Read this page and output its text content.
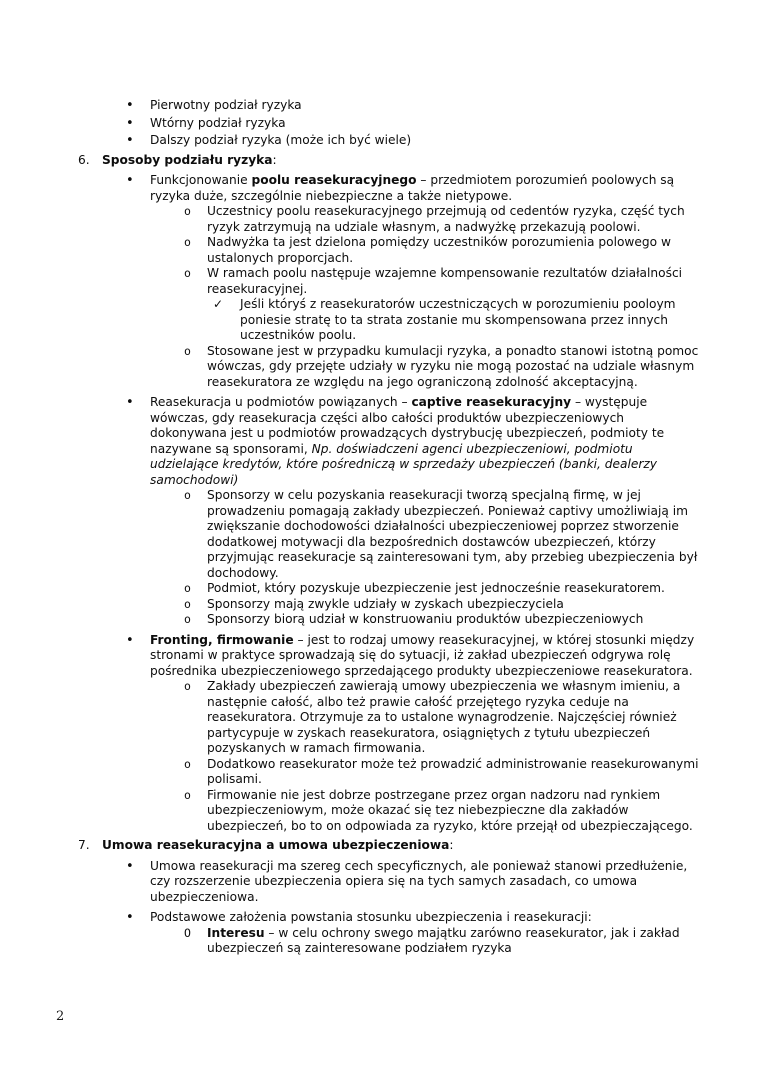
• Pierwotny podział ryzyka
• Wtórny podział ryzyka
• Dalszy podział ryzyka (może ich być wiele)
6. Sposoby podziału ryzyka:
• Funkcjonowanie poolu reasekuracyjnego – przedmiotem porozumień poolowych są ryzyka duże, szczególnie niebezpieczne a także nietypowe.
o Uczestnicy poolu reasekuracyjnego przejmują od cedentów ryzyka, część tych ryzyk zatrzymują na udziale własnym, a nadwyżkę przekazują poolowi.
o Nadwyżka ta jest dzielona pomiędzy uczestników porozumienia polowego w ustalonych proporcjach.
o W ramach poolu następuje wzajemne kompensowanie rezultatów działalności reasekuracyjnej.
✓ Jeśli któryś z reasekuratorów uczestniczących w porozumieniu pooloym poniesie stratę to ta strata zostanie mu skompensowana przez innych uczestników poolu.
o Stosowane jest w przypadku kumulacji ryzyka, a ponadto stanowi istotną pomoc wówczas, gdy przejęte udziały w ryzyku nie mogą pozostać na udziale własnym reasekuratora ze względu na jego ograniczoną zdolność akceptacyjną.
• Reasekuracja u podmiotów powiązanych – captive reasekuracyjny – występuje wówczas, gdy reasekuracja części albo całości produktów ubezpieczeniowych dokonywana jest u podmiotów prowadzących dystrybucję ubezpieczeń, podmioty te nazywane są sponsorami, Np. doświadczeni agenci ubezpieczeniowi, podmiotu udzielające kredytów, które pośredniczą w sprzedaży ubezpieczeń (banki, dealerzy samochodowi)
o Sponsorzy w celu pozyskania reasekuracji tworzą specjalną firmę, w jej prowadzeniu pomagają zakłady ubezpieczeń. Ponieważ captivy umożliwiają im zwiększanie dochodowości działalności ubezpieczeniowej poprzez stworzenie dodatkowej motywacji dla bezpośrednich dostawców ubezpieczeń, którzy przyjmując reasekuracje są zainteresowani tym, aby przebieg ubezpieczenia był dochodowy.
o Podmiot, który pozyskuje ubezpieczenie jest jednocześnie reasekuratorem.
o Sponsorzy mają zwykle udziały w zyskach ubezpieczyciela
o Sponsorzy biorą udział w konstruowaniu produktów ubezpieczeniowych
• Fronting, firmowanie – jest to rodzaj umowy reasekuracyjnej, w której stosunki między stronami w praktyce sprowadzają się do sytuacji, iż zakład ubezpieczeń odgrywa rolę pośrednika ubezpieczeniowego sprzedającego produkty ubezpieczeniowe reasekuratora.
o Zakłady ubezpieczeń zawierają umowy ubezpieczenia we własnym imieniu, a następnie całość, albo też prawie całość przejętego ryzyka ceduje na reasekuratora. Otrzymuje za to ustalone wynagrodzenie. Najczęściej również partycypuje w zyskach reasekuratora, osiągniętych z tytułu ubezpieczeń pozyskanych w ramach firmowania.
o Dodatkowo reasekurator może też prowadzić administrowanie reasekurowanymi polisami.
o Firmowanie nie jest dobrze postrzegane przez organ nadzoru nad rynkiem ubezpieczeniowym, może okazać się tez niebezpieczne dla zakładów ubezpieczeń, bo to on odpowiada za ryzyko, które przejął od ubezpieczającego.
7. Umowa reasekuracyjna a umowa ubezpieczeniowa:
• Umowa reasekuracji ma szereg cech specyficznych, ale ponieważ stanowi przedłużenie, czy rozszerzenie ubezpieczenia opiera się na tych samych zasadach, co umowa ubezpieczeniowa.
• Podstawowe założenia powstania stosunku ubezpieczenia i reasekuracji:
O Interesu – w celu ochrony swego majątku zarówno reasekurator, jak i zakład ubezpieczeń są zainteresowane podziałem ryzyka
2
